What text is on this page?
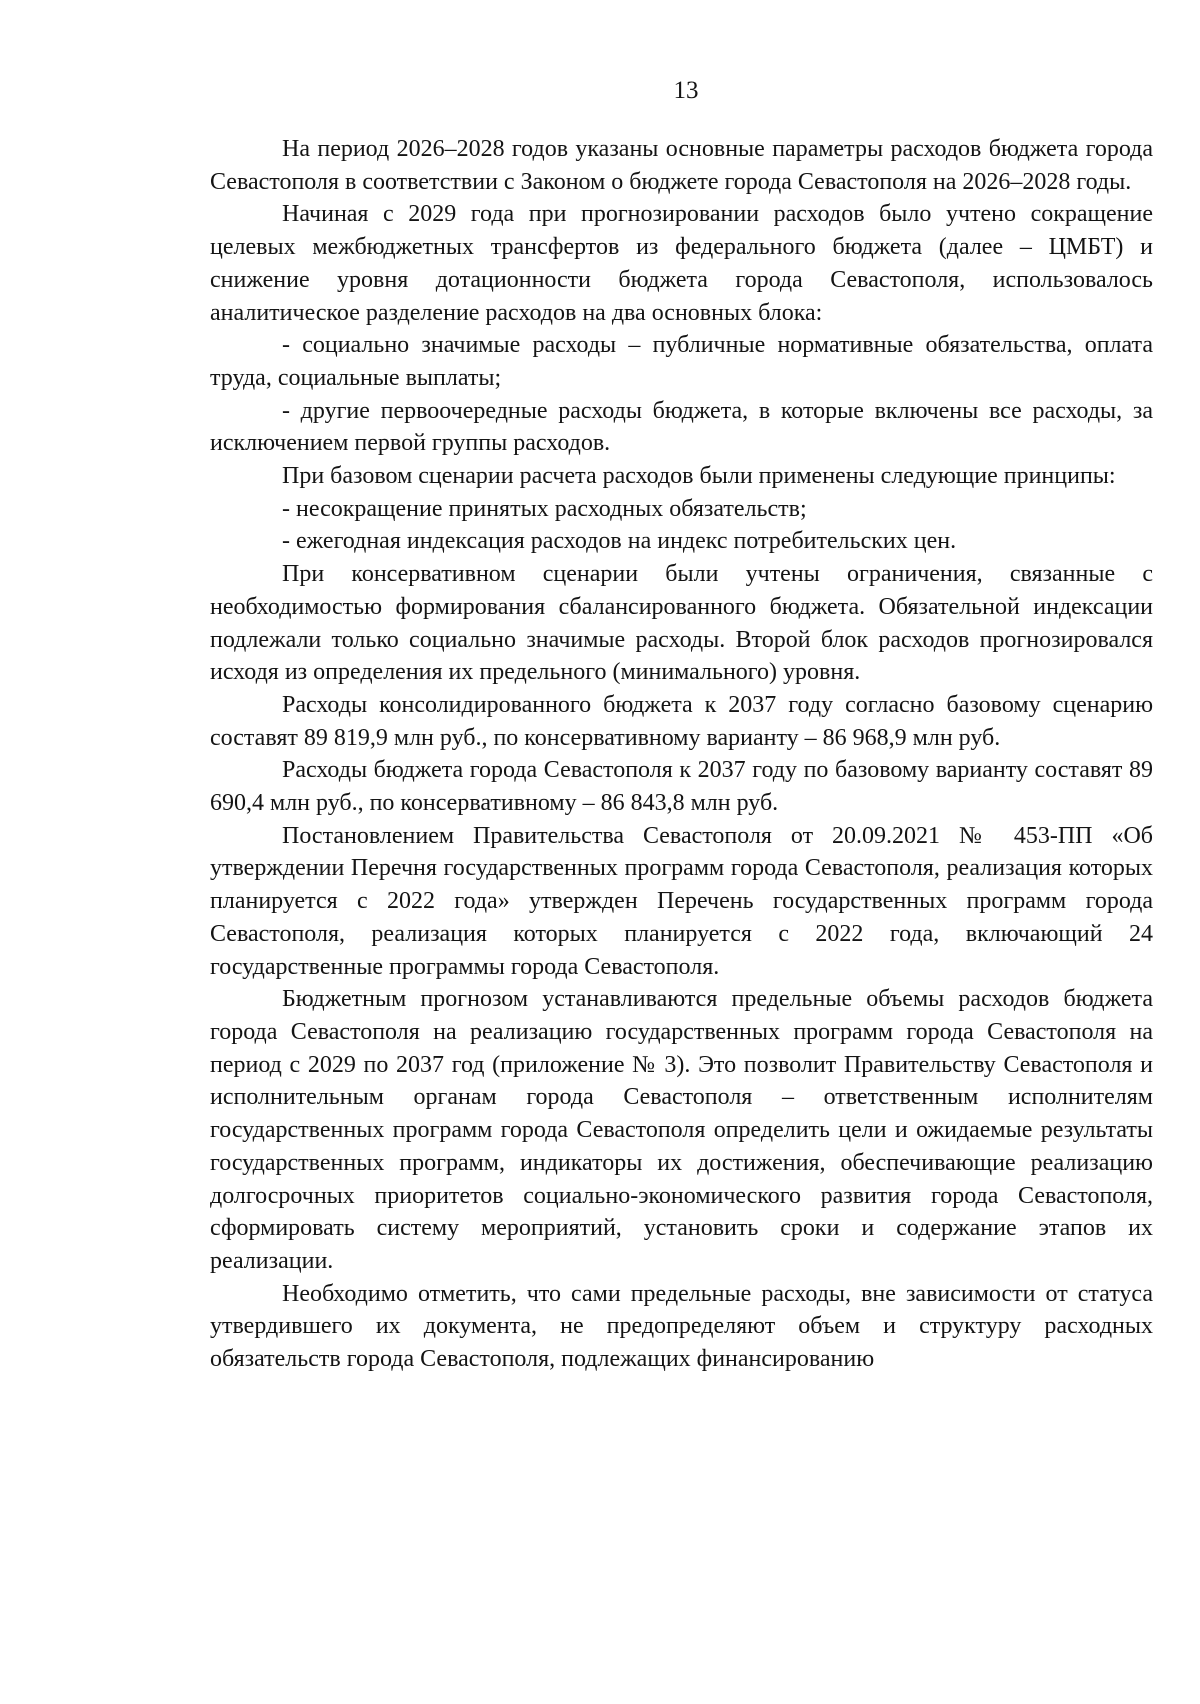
13

На период 2026–2028 годов указаны основные параметры расходов бюджета города Севастополя в соответствии с Законом о бюджете города Севастополя на 2026–2028 годы.

Начиная с 2029 года при прогнозировании расходов было учтено сокращение целевых межбюджетных трансфертов из федерального бюджета (далее – ЦМБТ) и снижение уровня дотационности бюджета города Севастополя, использовалось аналитическое разделение расходов на два основных блока:

- социально значимые расходы – публичные нормативные обязательства, оплата труда, социальные выплаты;

- другие первоочередные расходы бюджета, в которые включены все расходы, за исключением первой группы расходов.

При базовом сценарии расчета расходов были применены следующие принципы:

- несокращение принятых расходных обязательств;

- ежегодная индексация расходов на индекс потребительских цен.

При консервативном сценарии были учтены ограничения, связанные с необходимостью формирования сбалансированного бюджета. Обязательной индексации подлежали только социально значимые расходы. Второй блок расходов прогнозировался исходя из определения их предельного (минимального) уровня.

Расходы консолидированного бюджета к 2037 году согласно базовому сценарию составят 89 819,9 млн руб., по консервативному варианту – 86 968,9 млн руб.

Расходы бюджета города Севастополя к 2037 году по базовому варианту составят 89 690,4 млн руб., по консервативному – 86 843,8 млн руб.

Постановлением Правительства Севастополя от 20.09.2021 № 453-ПП «Об утверждении Перечня государственных программ города Севастополя, реализация которых планируется с 2022 года» утвержден Перечень государственных программ города Севастополя, реализация которых планируется с 2022 года, включающий 24 государственные программы города Севастополя.

Бюджетным прогнозом устанавливаются предельные объемы расходов бюджета города Севастополя на реализацию государственных программ города Севастополя на период с 2029 по 2037 год (приложение № 3). Это позволит Правительству Севастополя и исполнительным органам города Севастополя – ответственным исполнителям государственных программ города Севастополя определить цели и ожидаемые результаты государственных программ, индикаторы их достижения, обеспечивающие реализацию долгосрочных приоритетов социально-экономического развития города Севастополя, сформировать систему мероприятий, установить сроки и содержание этапов их реализации.

Необходимо отметить, что сами предельные расходы, вне зависимости от статуса утвердившего их документа, не предопределяют объем и структуру расходных обязательств города Севастополя, подлежащих финансированию
